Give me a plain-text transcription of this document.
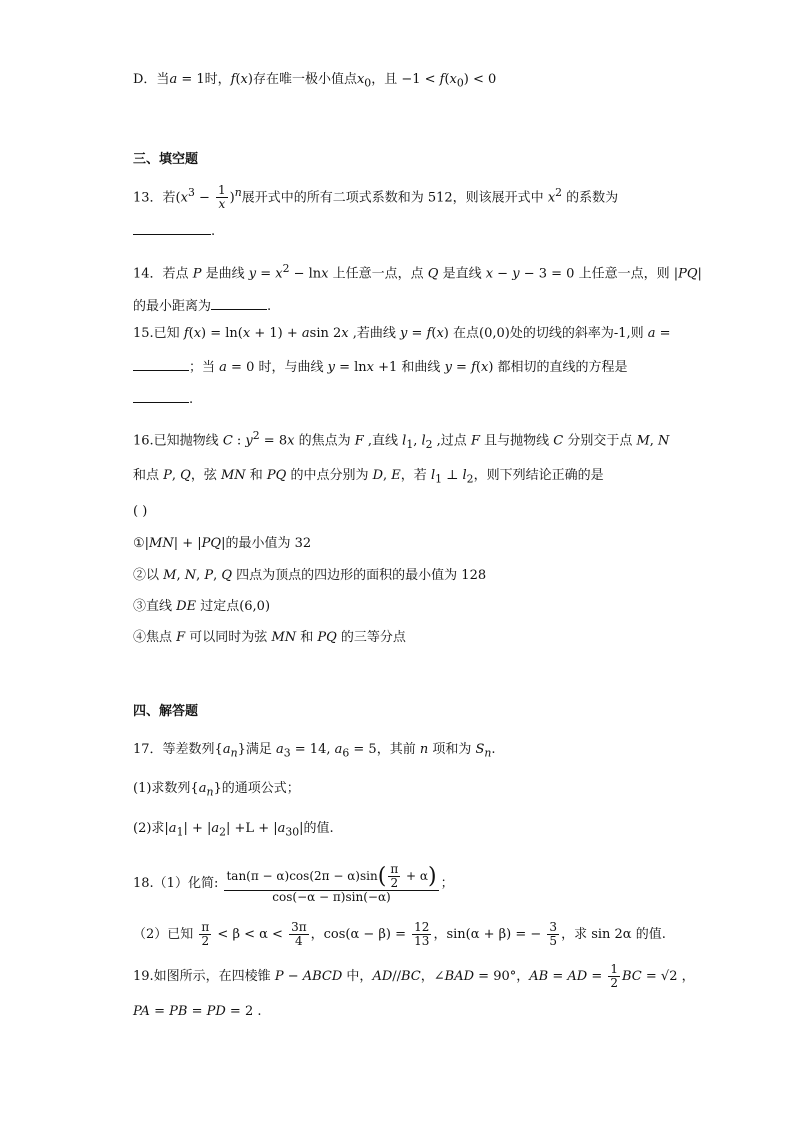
D．当a = 1时，f(x)存在唯一极小值点$x_0$，且 $-1 < f(x_0) < 0$
三、填空题
13．若$(x^3 - \frac{1}{x} )^n$展开式中的所有二项式系数和为 512，则该展开式中 $x^2$ 的系数为
.
14．若点 P 是曲线 $y = x^2 - \ln x$ 上任意一点，点 Q 是直线 x − y − 3 = 0 上任意一点，则 |PQ|
的最小距离为	.
15.已知 f(x) = ln(x + 1) + asin 2x ,若曲线 y = f(x) 在点(0,0)处的切线的斜率为-1,则 a =
；当 a = 0 时，与曲线 y = lnx +1 和曲线 y = f(x) 都相切的直线的方程是
.
16.已知抛物线 C : $y^2 = 8x$ 的焦点为 F ,直线 $l_1$, $l_2$ ,过点 F 且与抛物线 C 分别交于点 M, N
和点 P, Q，弦 MN 和 PQ 的中点分别为 D, E，若 $l_1$ ⊥ $l_2$，则下列结论正确的是
( )
①|MN| + |PQ|的最小值为 32
②以 M, N, P, Q 四点为顶点的四边形的面积的最小值为 128
③直线 DE 过定点(6,0)
④焦点 F 可以同时为弦 MN 和 PQ 的三等分点
四、解答题
17．等差数列$\{a_n\}$满足 $a_3 = 14$, $a_6 = 5$，其前 n 项和为 $S_n$.
(1)求数列$\{a_n\}$的通项公式；
(2)求$|a_1| + |a_2| +L + |a_{30}|$的值.
18.（1）化简: $\frac{\tan(\pi - \alpha)\cos(2\pi - \alpha)\sin( \frac{\pi}{2} + \alpha)}{\cos(-\alpha - \pi)\sin(-\alpha)}$ ；
（2）已知 $\frac{\pi}{2} < \beta < \alpha < \frac{3\pi}{4}$ ，$\cos(\alpha - \beta) = \frac{12}{13}$ ，sin(α + β) = − $\frac{3}{5}$ ，求 sin 2α 的值.
19.如图所示，在四棱锥 P − ABCD 中，AD//BC，∠BAD = 90°，AB = AD = $\frac{1}{2}$ BC = √2 ，
PA = PB = PD = 2 .
